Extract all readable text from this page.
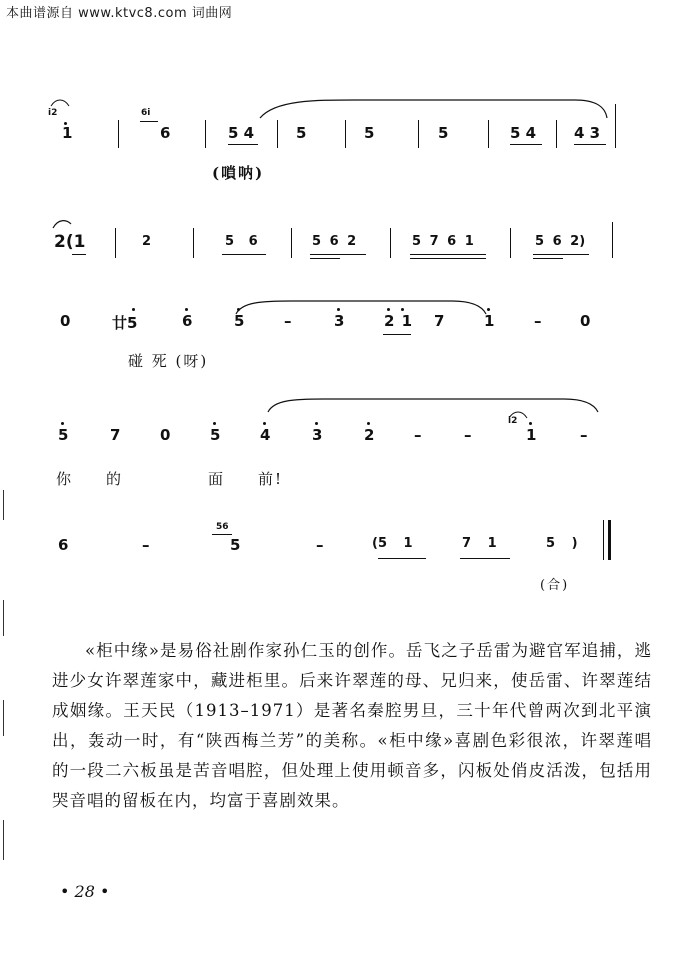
本曲谱源自 www.ktvc8.com 词曲网
i2
1
6i
6	5 4	5	5	5	5 4	4 3
(嗩呐)
2(1	2	5 6	5 6 2	5 7 6 1	5 6 2)
0	廿5	6	5	–	3	2 1 7	1	–	0
碰 死 (呀)
5	7	0	5	4	3	2	–	–
i2
1	–
你 的	面 前!
6	–
56
5	–	(5 1	7 1	5 )
(合)

«柜中缘»是易俗社剧作家孙仁玉的创作。岳飞之子岳雷为避官军追捕，逃进少女许翠莲家中，藏进柜里。后来许翠莲的母、兄归来，使岳雷、许翠莲结成姻缘。王天民（1913–1971）是著名秦腔男旦，三十年代曾两次到北平演出，轰动一时，有“陕西梅兰芳”的美称。«柜中缘»喜剧色彩很浓，许翠莲唱的一段二六板虽是苦音唱腔，但处理上使用顿音多，闪板处俏皮活泼，包括用哭音唱的留板在内，均富于喜剧效果。

• 28 •
